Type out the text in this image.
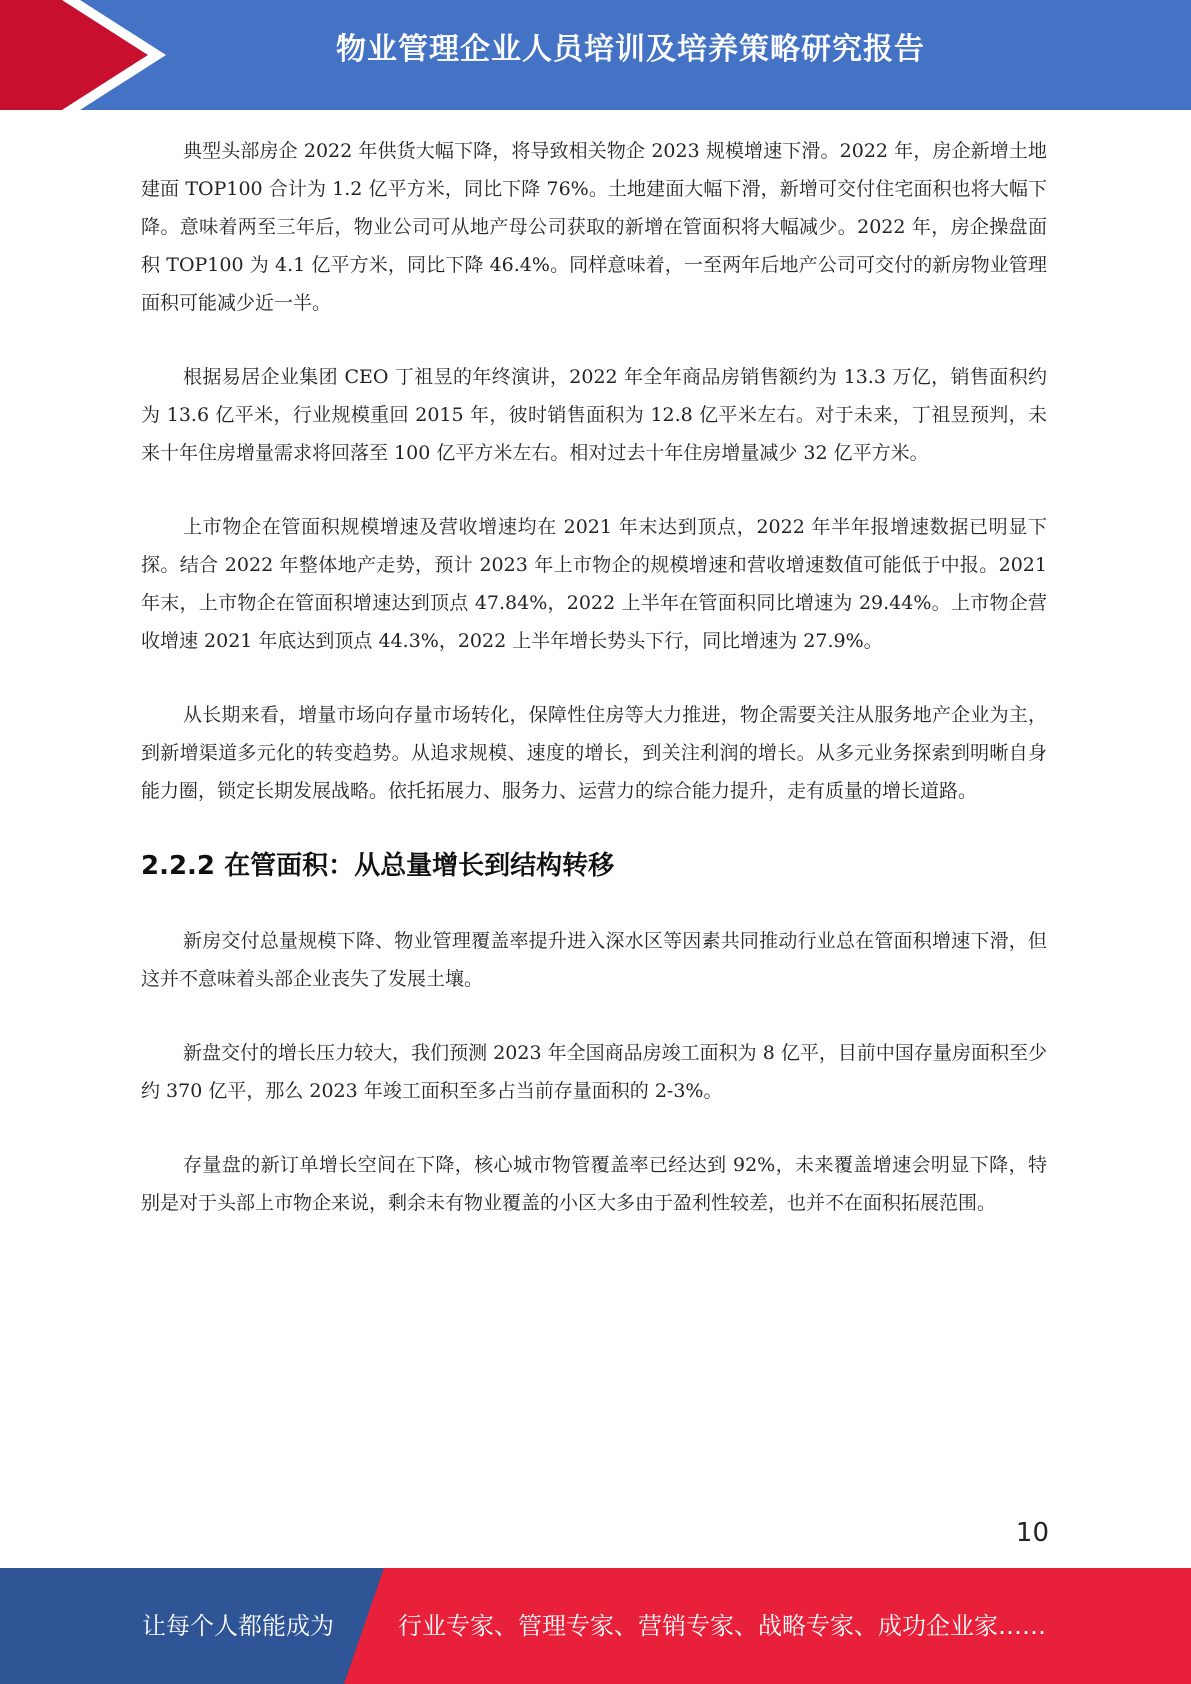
物业管理企业人员培训及培养策略研究报告

典型头部房企 2022 年供货大幅下降，将导致相关物企 2023 规模增速下滑。2022 年，房企新增土地建面 TOP100 合计为 1.2 亿平方米，同比下降 76%。土地建面大幅下滑，新增可交付住宅面积也将大幅下降。意味着两至三年后，物业公司可从地产母公司获取的新增在管面积将大幅减少。2022 年，房企操盘面积 TOP100 为 4.1 亿平方米，同比下降 46.4%。同样意味着，一至两年后地产公司可交付的新房物业管理面积可能减少近一半。

根据易居企业集团 CEO 丁祖昱的年终演讲，2022 年全年商品房销售额约为 13.3 万亿，销售面积约为 13.6 亿平米，行业规模重回 2015 年，彼时销售面积为 12.8 亿平米左右。对于未来，丁祖昱预判，未来十年住房增量需求将回落至 100 亿平方米左右。相对过去十年住房增量减少 32 亿平方米。

上市物企在管面积规模增速及营收增速均在 2021 年末达到顶点，2022 年半年报增速数据已明显下探。结合 2022 年整体地产走势，预计 2023 年上市物企的规模增速和营收增速数值可能低于中报。2021 年末，上市物企在管面积增速达到顶点 47.84%，2022 上半年在管面积同比增速为 29.44%。上市物企营收增速 2021 年底达到顶点 44.3%，2022 上半年增长势头下行，同比增速为 27.9%。

从长期来看，增量市场向存量市场转化，保障性住房等大力推进，物企需要关注从服务地产企业为主，到新增渠道多元化的转变趋势。从追求规模、速度的增长，到关注利润的增长。从多元业务探索到明晰自身能力圈，锁定长期发展战略。依托拓展力、服务力、运营力的综合能力提升，走有质量的增长道路。

2.2.2 在管面积：从总量增长到结构转移

新房交付总量规模下降、物业管理覆盖率提升进入深水区等因素共同推动行业总在管面积增速下滑，但这并不意味着头部企业丧失了发展土壤。

新盘交付的增长压力较大，我们预测 2023 年全国商品房竣工面积为 8 亿平，目前中国存量房面积至少约 370 亿平，那么 2023 年竣工面积至多占当前存量面积的 2-3%。

存量盘的新订单增长空间在下降，核心城市物管覆盖率已经达到 92%，未来覆盖增速会明显下降，特别是对于头部上市物企来说，剩余未有物业覆盖的小区大多由于盈利性较差，也并不在面积拓展范围。

10
让每个人都能成为	行业专家、管理专家、营销专家、战略专家、成功企业家……
